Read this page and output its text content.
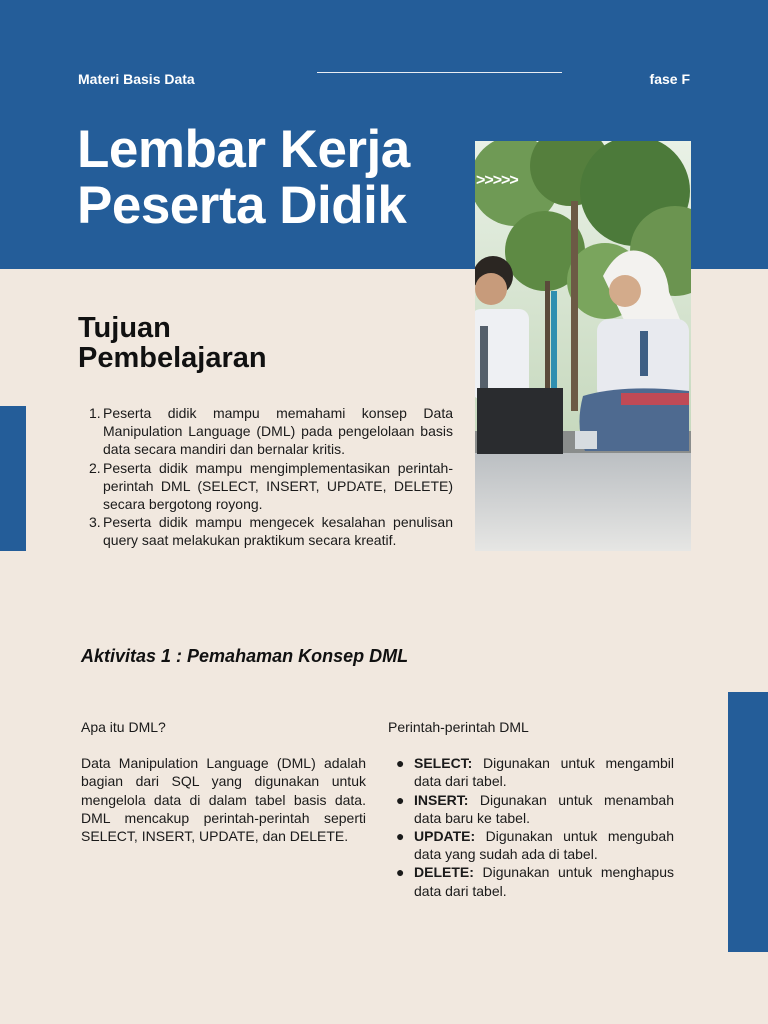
Materi Basis Data	fase F
Lembar Kerja
Peserta Didik	>>>>>
Tujuan
Pembelajaran
1. Peserta didik mampu memahami konsep Data Manipulation Language (DML) pada pengelolaan basis data secara mandiri dan bernalar kritis.
2. Peserta didik mampu mengimplementasikan perintah-perintah DML (SELECT, INSERT, UPDATE, DELETE) secara bergotong royong.
3. Peserta didik mampu mengecek kesalahan penulisan query saat melakukan praktikum secara kreatif.
Aktivitas 1 : Pemahaman Konsep DML

Apa itu DML?

Data Manipulation Language (DML) adalah bagian dari SQL yang digunakan untuk mengelola data di dalam tabel basis data. DML mencakup perintah-perintah seperti SELECT, INSERT, UPDATE, dan DELETE.

Perintah-perintah DML

● SELECT: Digunakan untuk mengambil data dari tabel.
● INSERT: Digunakan untuk menambah data baru ke tabel.
● UPDATE: Digunakan untuk mengubah data yang sudah ada di tabel.
● DELETE: Digunakan untuk menghapus data dari tabel.
